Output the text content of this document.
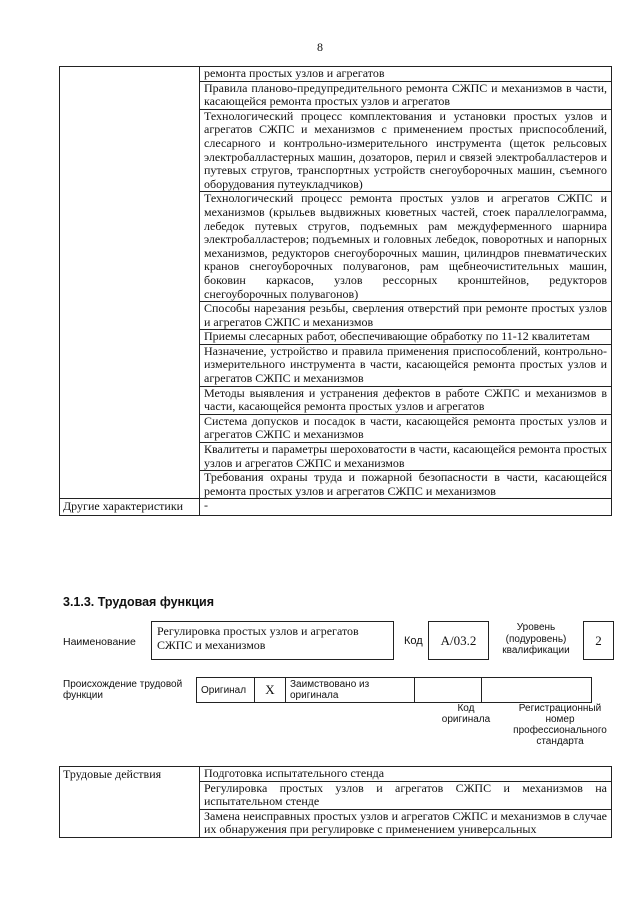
8
	ремонта простых узлов и агрегатов
	Правила планово-предупредительного ремонта СЖПС и механизмов в части, касающейся ремонта простых узлов и агрегатов
	Технологический процесс комплектования и установки простых узлов и агрегатов СЖПС и механизмов с применением простых приспособлений, слесарного и контрольно-измерительного инструмента (щеток рельсовых электробалластерных машин, дозаторов, перил и связей электробалластеров и путевых стругов, транспортных устройств снегоуборочных машин, съемного оборудования путеукладчиков)
	Технологический процесс ремонта простых узлов и агрегатов СЖПС и механизмов (крыльев выдвижных кюветных частей, стоек параллелограмма, лебедок путевых стругов, подъемных рам междуферменного шарнира электробалластеров; подъемных и головных лебедок, поворотных и напорных механизмов, редукторов снегоуборочных машин, цилиндров пневматических кранов снегоуборочных полувагонов, рам щебнеочистительных машин, боковин каркасов, узлов рессорных кронштейнов, редукторов снегоуборочных полувагонов)
	Способы нарезания резьбы, сверления отверстий при ремонте простых узлов и агрегатов СЖПС и механизмов
	Приемы слесарных работ, обеспечивающие обработку по 11-12 квалитетам
	Назначение, устройство и правила применения приспособлений, контрольно-измерительного инструмента в части, касающейся ремонта простых узлов и агрегатов СЖПС и механизмов
	Методы выявления и устранения дефектов в работе СЖПС и механизмов в части, касающейся ремонта простых узлов и агрегатов
	Система допусков и посадок в части, касающейся ремонта простых узлов и агрегатов СЖПС и механизмов
	Квалитеты и параметры шероховатости в части, касающейся ремонта простых узлов и агрегатов СЖПС и механизмов
	Требования охраны труда и пожарной безопасности в части, касающейся ремонта простых узлов и агрегатов СЖПС и механизмов
Другие характеристики	-
3.1.3. Трудовая функция
Наименование
Регулировка простых узлов и агрегатов СЖПС и механизмов	Код	A/03.2
Уровень (подуровень) квалификации
2
Происхождение трудовой функции	Оригинал	X	Заимствовано из оригинала		
Код оригинала
Регистрационный номер профессионального стандарта
Трудовые действия	Подготовка испытательного стенда
Регулировка простых узлов и агрегатов СЖПС и механизмов на испытательном стенде
Замена неисправных простых узлов и агрегатов СЖПС и механизмов в случае их обнаружения при регулировке с применением универсальных
